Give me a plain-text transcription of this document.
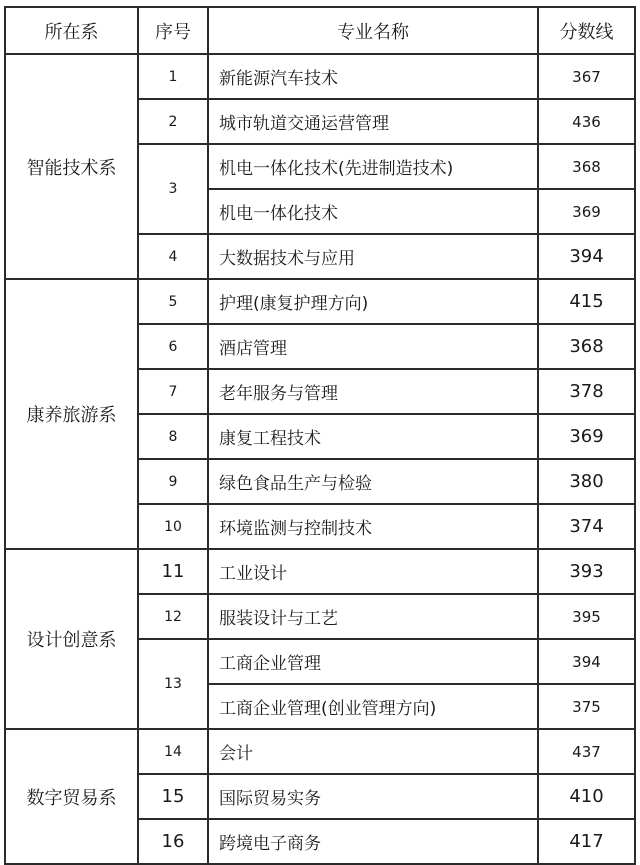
所在系	序号	专业名称	分数线
智能技术系	1	新能源汽车技术	367
	2	城市轨道交通运营管理	436
	3	机电一体化技术(先进制造技术)	368
		机电一体化技术	369
	4	大数据技术与应用	394
康养旅游系	5	护理(康复护理方向)	415
	6	酒店管理	368
	7	老年服务与管理	378
	8	康复工程技术	369
	9	绿色食品生产与检验	380
	10	环境监测与控制技术	374
设计创意系	11	工业设计	393
	12	服装设计与工艺	395
	13	工商企业管理	394
		工商企业管理(创业管理方向)	375
数字贸易系	14	会计	437
	15	国际贸易实务	410
	16	跨境电子商务	417
